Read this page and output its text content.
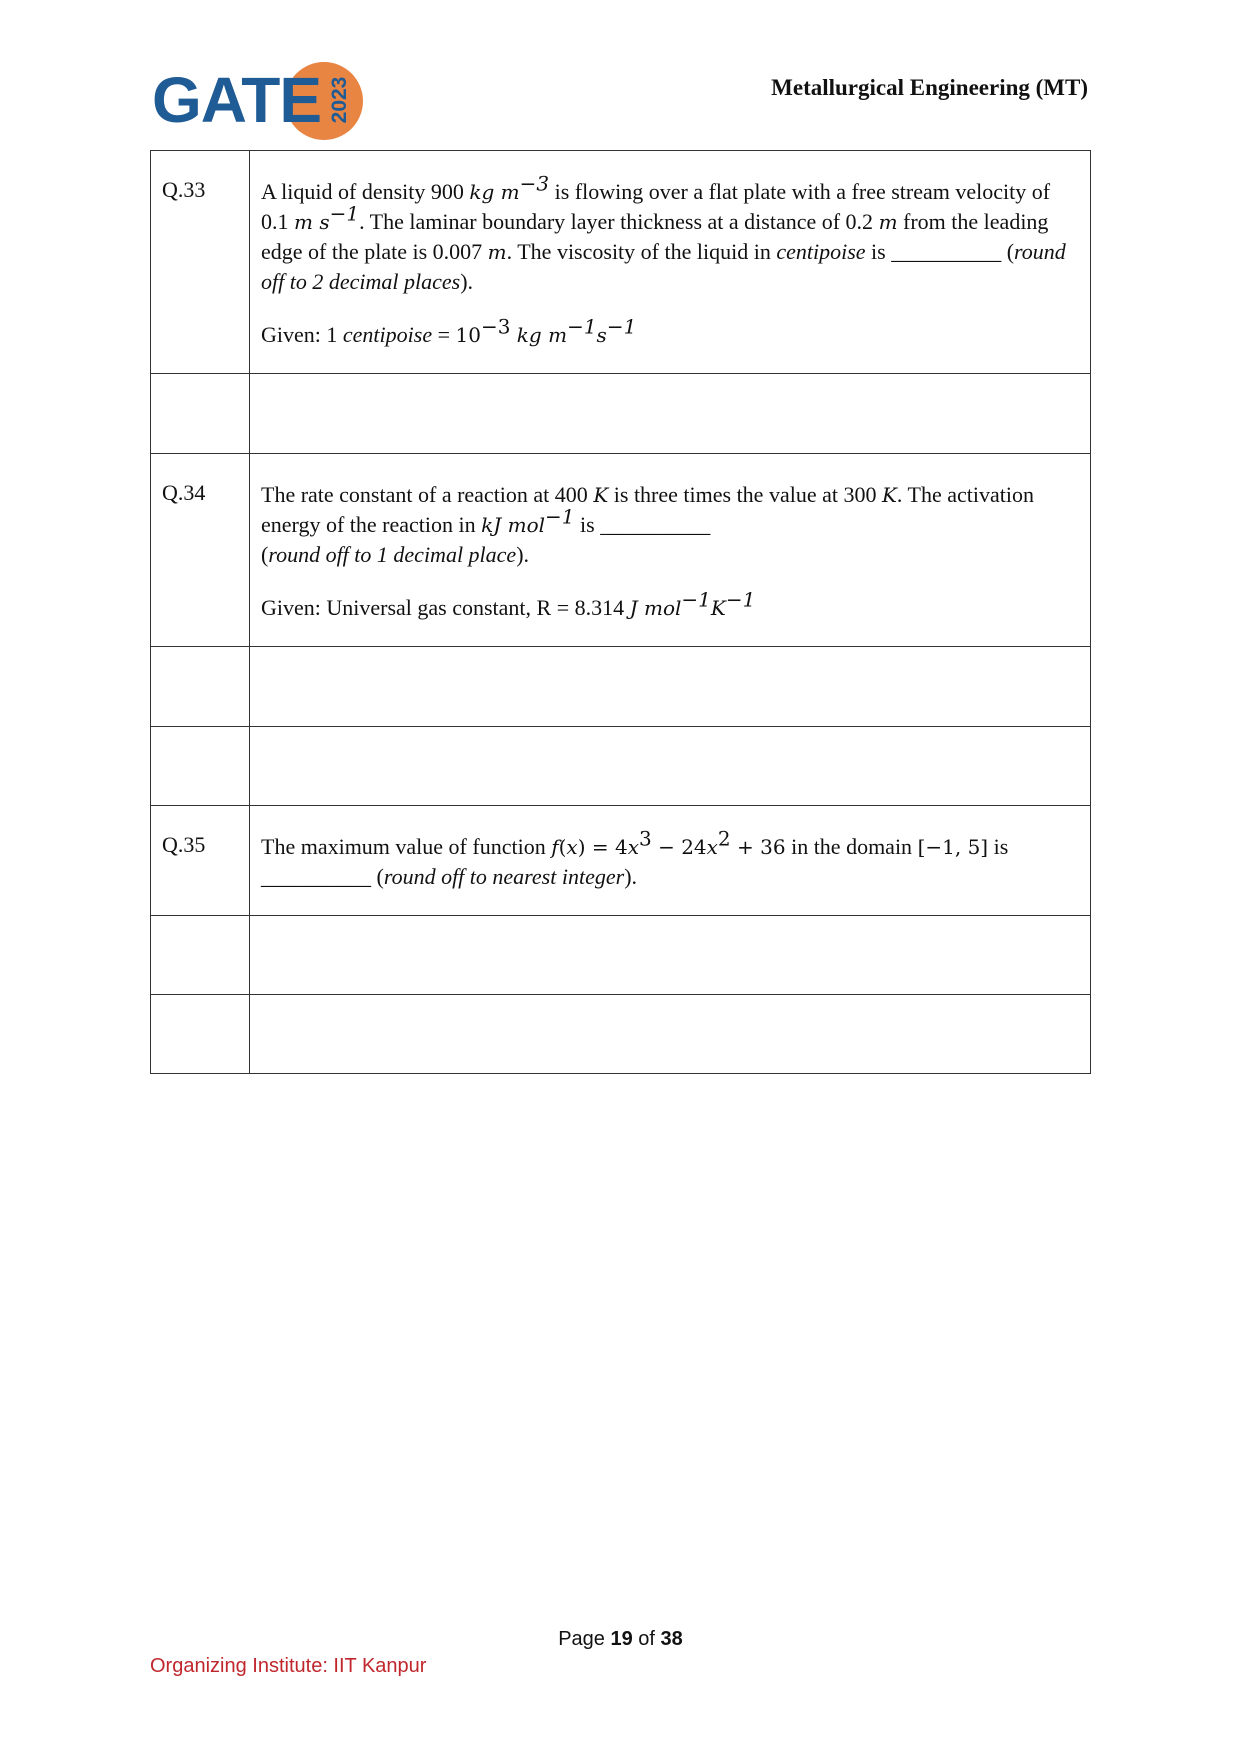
GATE 2023	Metallurgical Engineering (MT)
Q.33	A liquid of density 900 kg $m^{-3}$ is flowing over a flat plate with a free stream velocity of 0.1 m $s^{-1}$. The laminar boundary layer thickness at a distance of 0.2 m from the leading edge of the plate is 0.007 m. The viscosity of the liquid in centipoise is __________ (round off to 2 decimal places).

Given: 1 centipoise = $10^{-3}$ kg $m^{-1}s^{-1}$

Q.34	The rate constant of a reaction at 400 K is three times the value at 300 K. The activation energy of the reaction in kJ mol$^{-1}$ is __________
(round off to 1 decimal place).

Given: Universal gas constant, R = 8.314 J $mol^{-1}K^{-1}$

Q.35	The maximum value of function $f(x) = 4x^3 - 24x^2 + 36$ in the domain [−1, 5] is __________ (round off to nearest integer).

Page 19 of 38
Organizing Institute: IIT Kanpur
